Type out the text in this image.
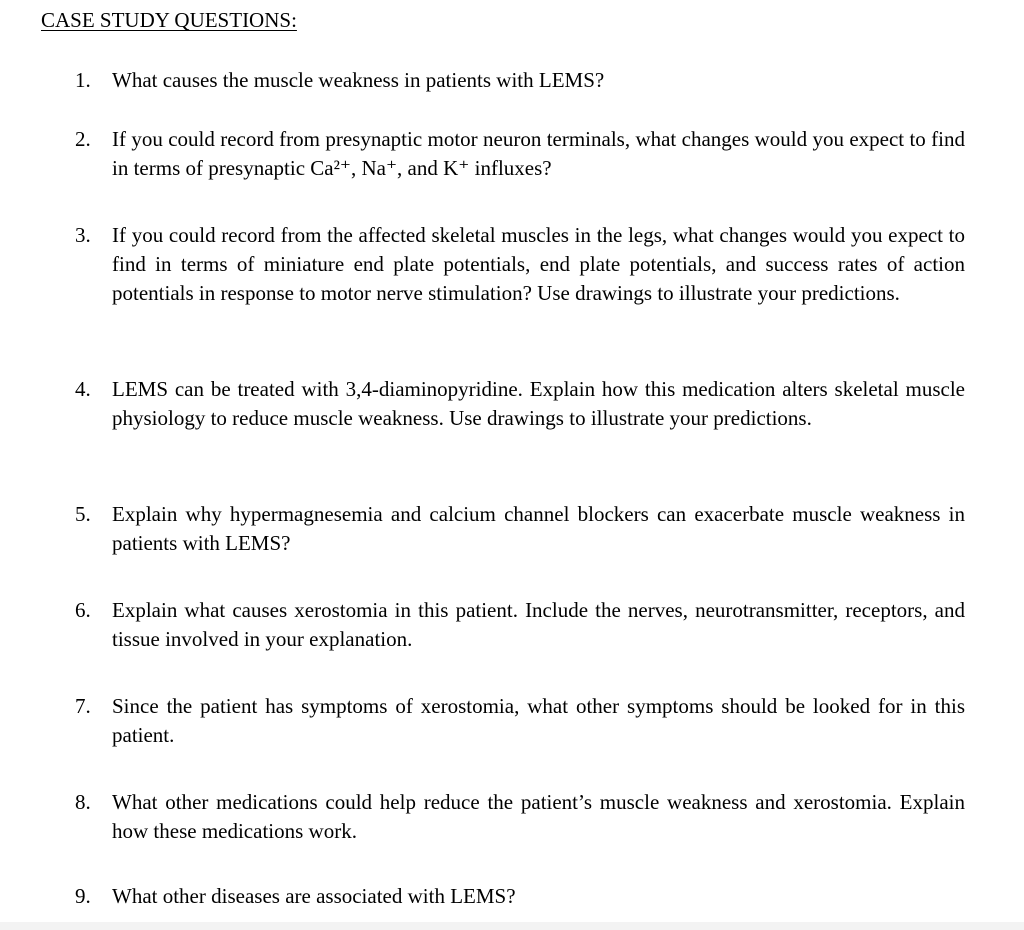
CASE STUDY QUESTIONS:
1.	What causes the muscle weakness in patients with LEMS?
2.	If you could record from presynaptic motor neuron terminals, what changes would you expect to find in terms of presynaptic Ca²⁺, Na⁺, and K⁺ influxes?
3.	If you could record from the affected skeletal muscles in the legs, what changes would you expect to find in terms of miniature end plate potentials, end plate potentials, and success rates of action potentials in response to motor nerve stimulation? Use drawings to illustrate your predictions.
4.	LEMS can be treated with 3,4-diaminopyridine. Explain how this medication alters skeletal muscle physiology to reduce muscle weakness. Use drawings to illustrate your predictions.
5.	Explain why hypermagnesemia and calcium channel blockers can exacerbate muscle weakness in patients with LEMS?
6.	Explain what causes xerostomia in this patient. Include the nerves, neurotransmitter, receptors, and tissue involved in your explanation.
7.	Since the patient has symptoms of xerostomia, what other symptoms should be looked for in this patient.
8.	What other medications could help reduce the patient’s muscle weakness and xerostomia. Explain how these medications work.
9.	What other diseases are associated with LEMS?
